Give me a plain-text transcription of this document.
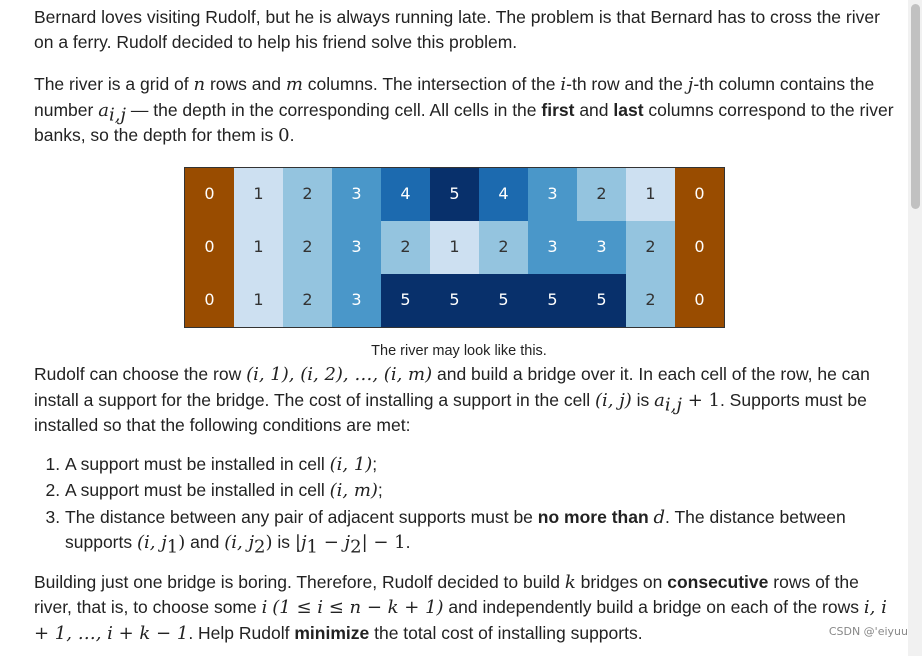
Bernard loves visiting Rudolf, but he is always running late. The problem is that Bernard has to cross the river on a ferry. Rudolf decided to help his friend solve this problem.

The river is a grid of n rows and m columns. The intersection of the i-th row and the j-th column contains the number $a_{i,j}$ — the depth in the corresponding cell. All cells in the first and last columns correspond to the river banks, so the depth for them is 0.

0	1	2	3	4	5	4	3	2	1	0
0	1	2	3	2	1	2	3	3	2	0
0	1	2	3	5	5	5	5	5	2	0
The river may look like this.

Rudolf can choose the row (i, 1), (i, 2), …, (i, m) and build a bridge over it. In each cell of the row, he can install a support for the bridge. The cost of installing a support in the cell (i, j) is $a_{i,j} + 1$. Supports must be installed so that the following conditions are met:

1. A support must be installed in cell (i, 1);
2. A support must be installed in cell (i, m);
3. The distance between any pair of adjacent supports must be no more than d. The distance between supports (i, $j_1$) and (i, $j_2$) is $|j_1 - j_2| - 1$.

Building just one bridge is boring. Therefore, Rudolf decided to build k bridges on consecutive rows of the river, that is, to choose some i (1 ≤ i ≤ n − k + 1) and independently build a bridge on each of the rows i, i + 1, …, i + k − 1. Help Rudolf minimize the total cost of installing supports.	CSDN @'eiyuu
